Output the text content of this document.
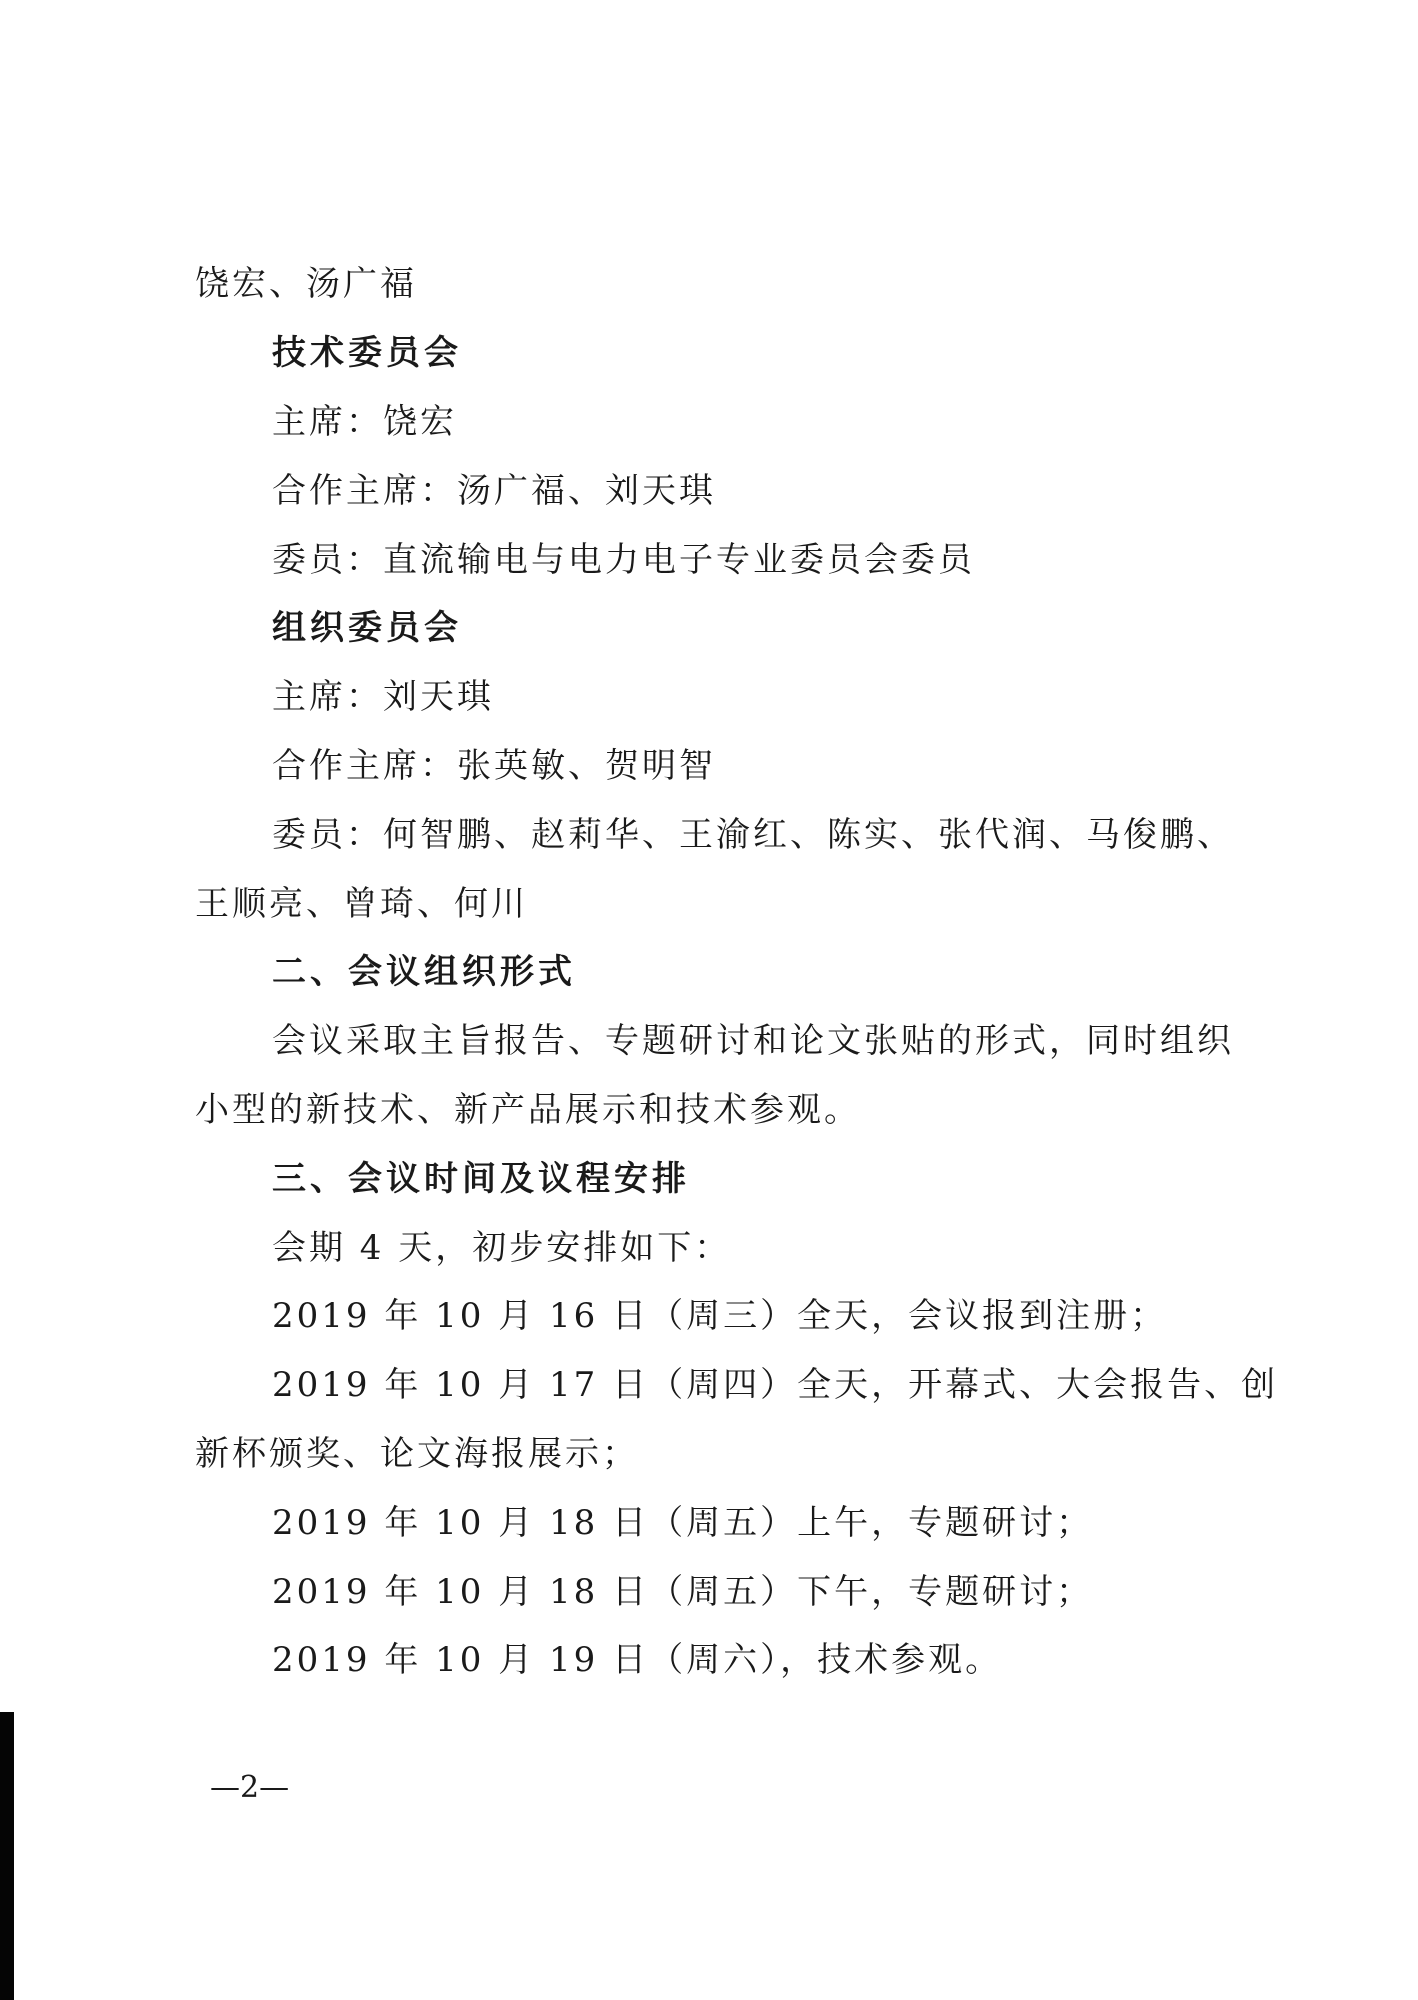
饶宏、汤广福
技术委员会
主席：饶宏
合作主席：汤广福、刘天琪
委员：直流输电与电力电子专业委员会委员
组织委员会
主席：刘天琪
合作主席：张英敏、贺明智
委员：何智鹏、赵莉华、王渝红、陈实、张代润、马俊鹏、
王顺亮、曾琦、何川
二、会议组织形式
会议采取主旨报告、专题研讨和论文张贴的形式，同时组织
小型的新技术、新产品展示和技术参观。
三、会议时间及议程安排
会期 4 天，初步安排如下：
2019 年 10 月 16 日（周三）全天，会议报到注册；
2019 年 10 月 17 日（周四）全天，开幕式、大会报告、创
新杯颁奖、论文海报展示；
2019 年 10 月 18 日（周五）上午，专题研讨；
2019 年 10 月 18 日（周五）下午，专题研讨；
2019 年 10 月 19 日（周六），技术参观。
—2—
